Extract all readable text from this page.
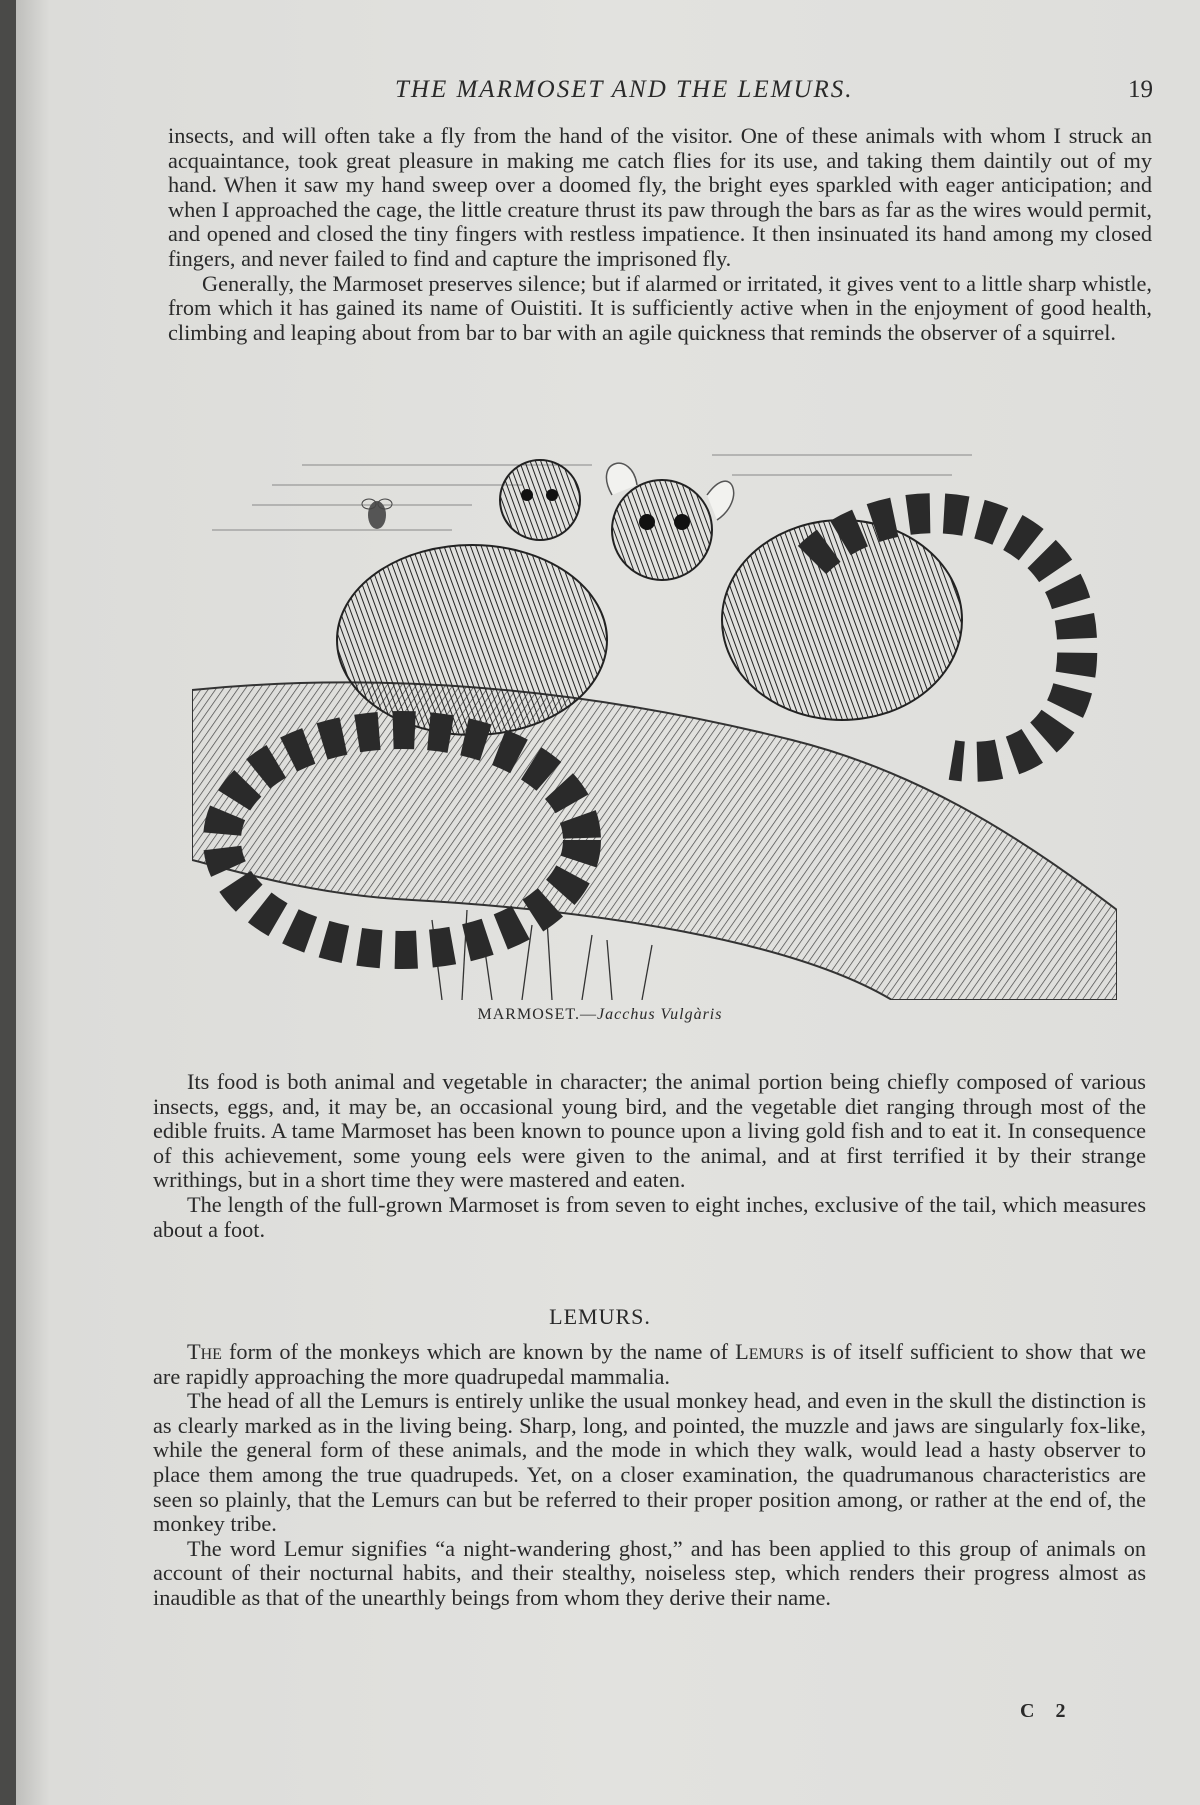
THE MARMOSET AND THE LEMURS.	19

insects, and will often take a fly from the hand of the visitor. One of these animals with whom I struck an acquaintance, took great pleasure in making me catch flies for its use, and taking them daintily out of my hand. When it saw my hand sweep over a doomed fly, the bright eyes sparkled with eager anticipation; and when I approached the cage, the little creature thrust its paw through the bars as far as the wires would permit, and opened and closed the tiny fingers with restless impatience. It then insinuated its hand among my closed fingers, and never failed to find and capture the imprisoned fly.

Generally, the Marmoset preserves silence; but if alarmed or irritated, it gives vent to a little sharp whistle, from which it has gained its name of Ouistiti. It is sufficiently active when in the enjoyment of good health, climbing and leaping about from bar to bar with an agile quickness that reminds the observer of a squirrel.

MARMOSET.—Jacchus Vulgàris

Its food is both animal and vegetable in character; the animal portion being chiefly composed of various insects, eggs, and, it may be, an occasional young bird, and the vegetable diet ranging through most of the edible fruits. A tame Marmoset has been known to pounce upon a living gold fish and to eat it. In consequence of this achievement, some young eels were given to the animal, and at first terrified it by their strange writhings, but in a short time they were mastered and eaten.

The length of the full-grown Marmoset is from seven to eight inches, exclusive of the tail, which measures about a foot.

LEMURS.

The form of the monkeys which are known by the name of Lemurs is of itself sufficient to show that we are rapidly approaching the more quadrupedal mammalia.

The head of all the Lemurs is entirely unlike the usual monkey head, and even in the skull the distinction is as clearly marked as in the living being. Sharp, long, and pointed, the muzzle and jaws are singularly fox-like, while the general form of these animals, and the mode in which they walk, would lead a hasty observer to place them among the true quadrupeds. Yet, on a closer examination, the quadrumanous characteristics are seen so plainly, that the Lemurs can but be referred to their proper position among, or rather at the end of, the monkey tribe.

The word Lemur signifies “a night-wandering ghost,” and has been applied to this group of animals on account of their nocturnal habits, and their stealthy, noiseless step, which renders their progress almost as inaudible as that of the unearthly beings from whom they derive their name.

C 2
